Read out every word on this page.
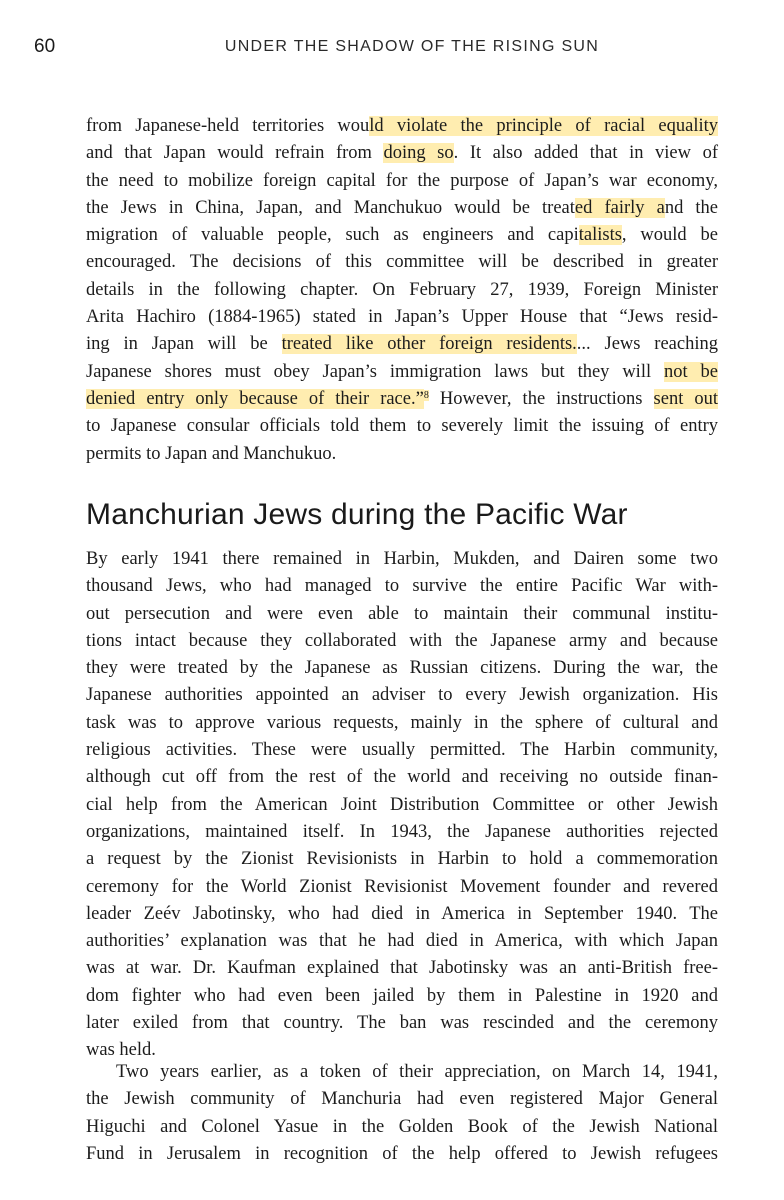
60	UNDER THE SHADOW OF THE RISING SUN
from Japanese-held territories would violate the principle of racial equality
and that Japan would refrain from doing so. It also added that in view of
the need to mobilize foreign capital for the purpose of Japan’s war economy,
the Jews in China, Japan, and Manchukuo would be treated fairly and the
migration of valuable people, such as engineers and capitalists, would be
encouraged. The decisions of this committee will be described in greater
details in the following chapter. On February 27, 1939, Foreign Minister
Arita Hachiro (1884-1965) stated in Japan’s Upper House that “Jews resid-
ing in Japan will be treated like other foreign residents.... Jews reaching
Japanese shores must obey Japan’s immigration laws but they will not be
denied entry only because of their race.”$^8$ However, the instructions sent out
to Japanese consular officials told them to severely limit the issuing of entry
permits to Japan and Manchukuo.
Manchurian Jews during the Pacific War
By early 1941 there remained in Harbin, Mukden, and Dairen some two
thousand Jews, who had managed to survive the entire Pacific War with-
out persecution and were even able to maintain their communal institu-
tions intact because they collaborated with the Japanese army and because
they were treated by the Japanese as Russian citizens. During the war, the
Japanese authorities appointed an adviser to every Jewish organization. His
task was to approve various requests, mainly in the sphere of cultural and
religious activities. These were usually permitted. The Harbin community,
although cut off from the rest of the world and receiving no outside finan-
cial help from the American Joint Distribution Committee or other Jewish
organizations, maintained itself. In 1943, the Japanese authorities rejected
a request by the Zionist Revisionists in Harbin to hold a commemoration
ceremony for the World Zionist Revisionist Movement founder and revered
leader Zeév Jabotinsky, who had died in America in September 1940. The
authorities’ explanation was that he had died in America, with which Japan
was at war. Dr. Kaufman explained that Jabotinsky was an anti-British free-
dom fighter who had even been jailed by them in Palestine in 1920 and
later exiled from that country. The ban was rescinded and the ceremony
was held.
Two years earlier, as a token of their appreciation, on March 14, 1941,
the Jewish community of Manchuria had even registered Major General
Higuchi and Colonel Yasue in the Golden Book of the Jewish National
Fund in Jerusalem in recognition of the help offered to Jewish refugees
